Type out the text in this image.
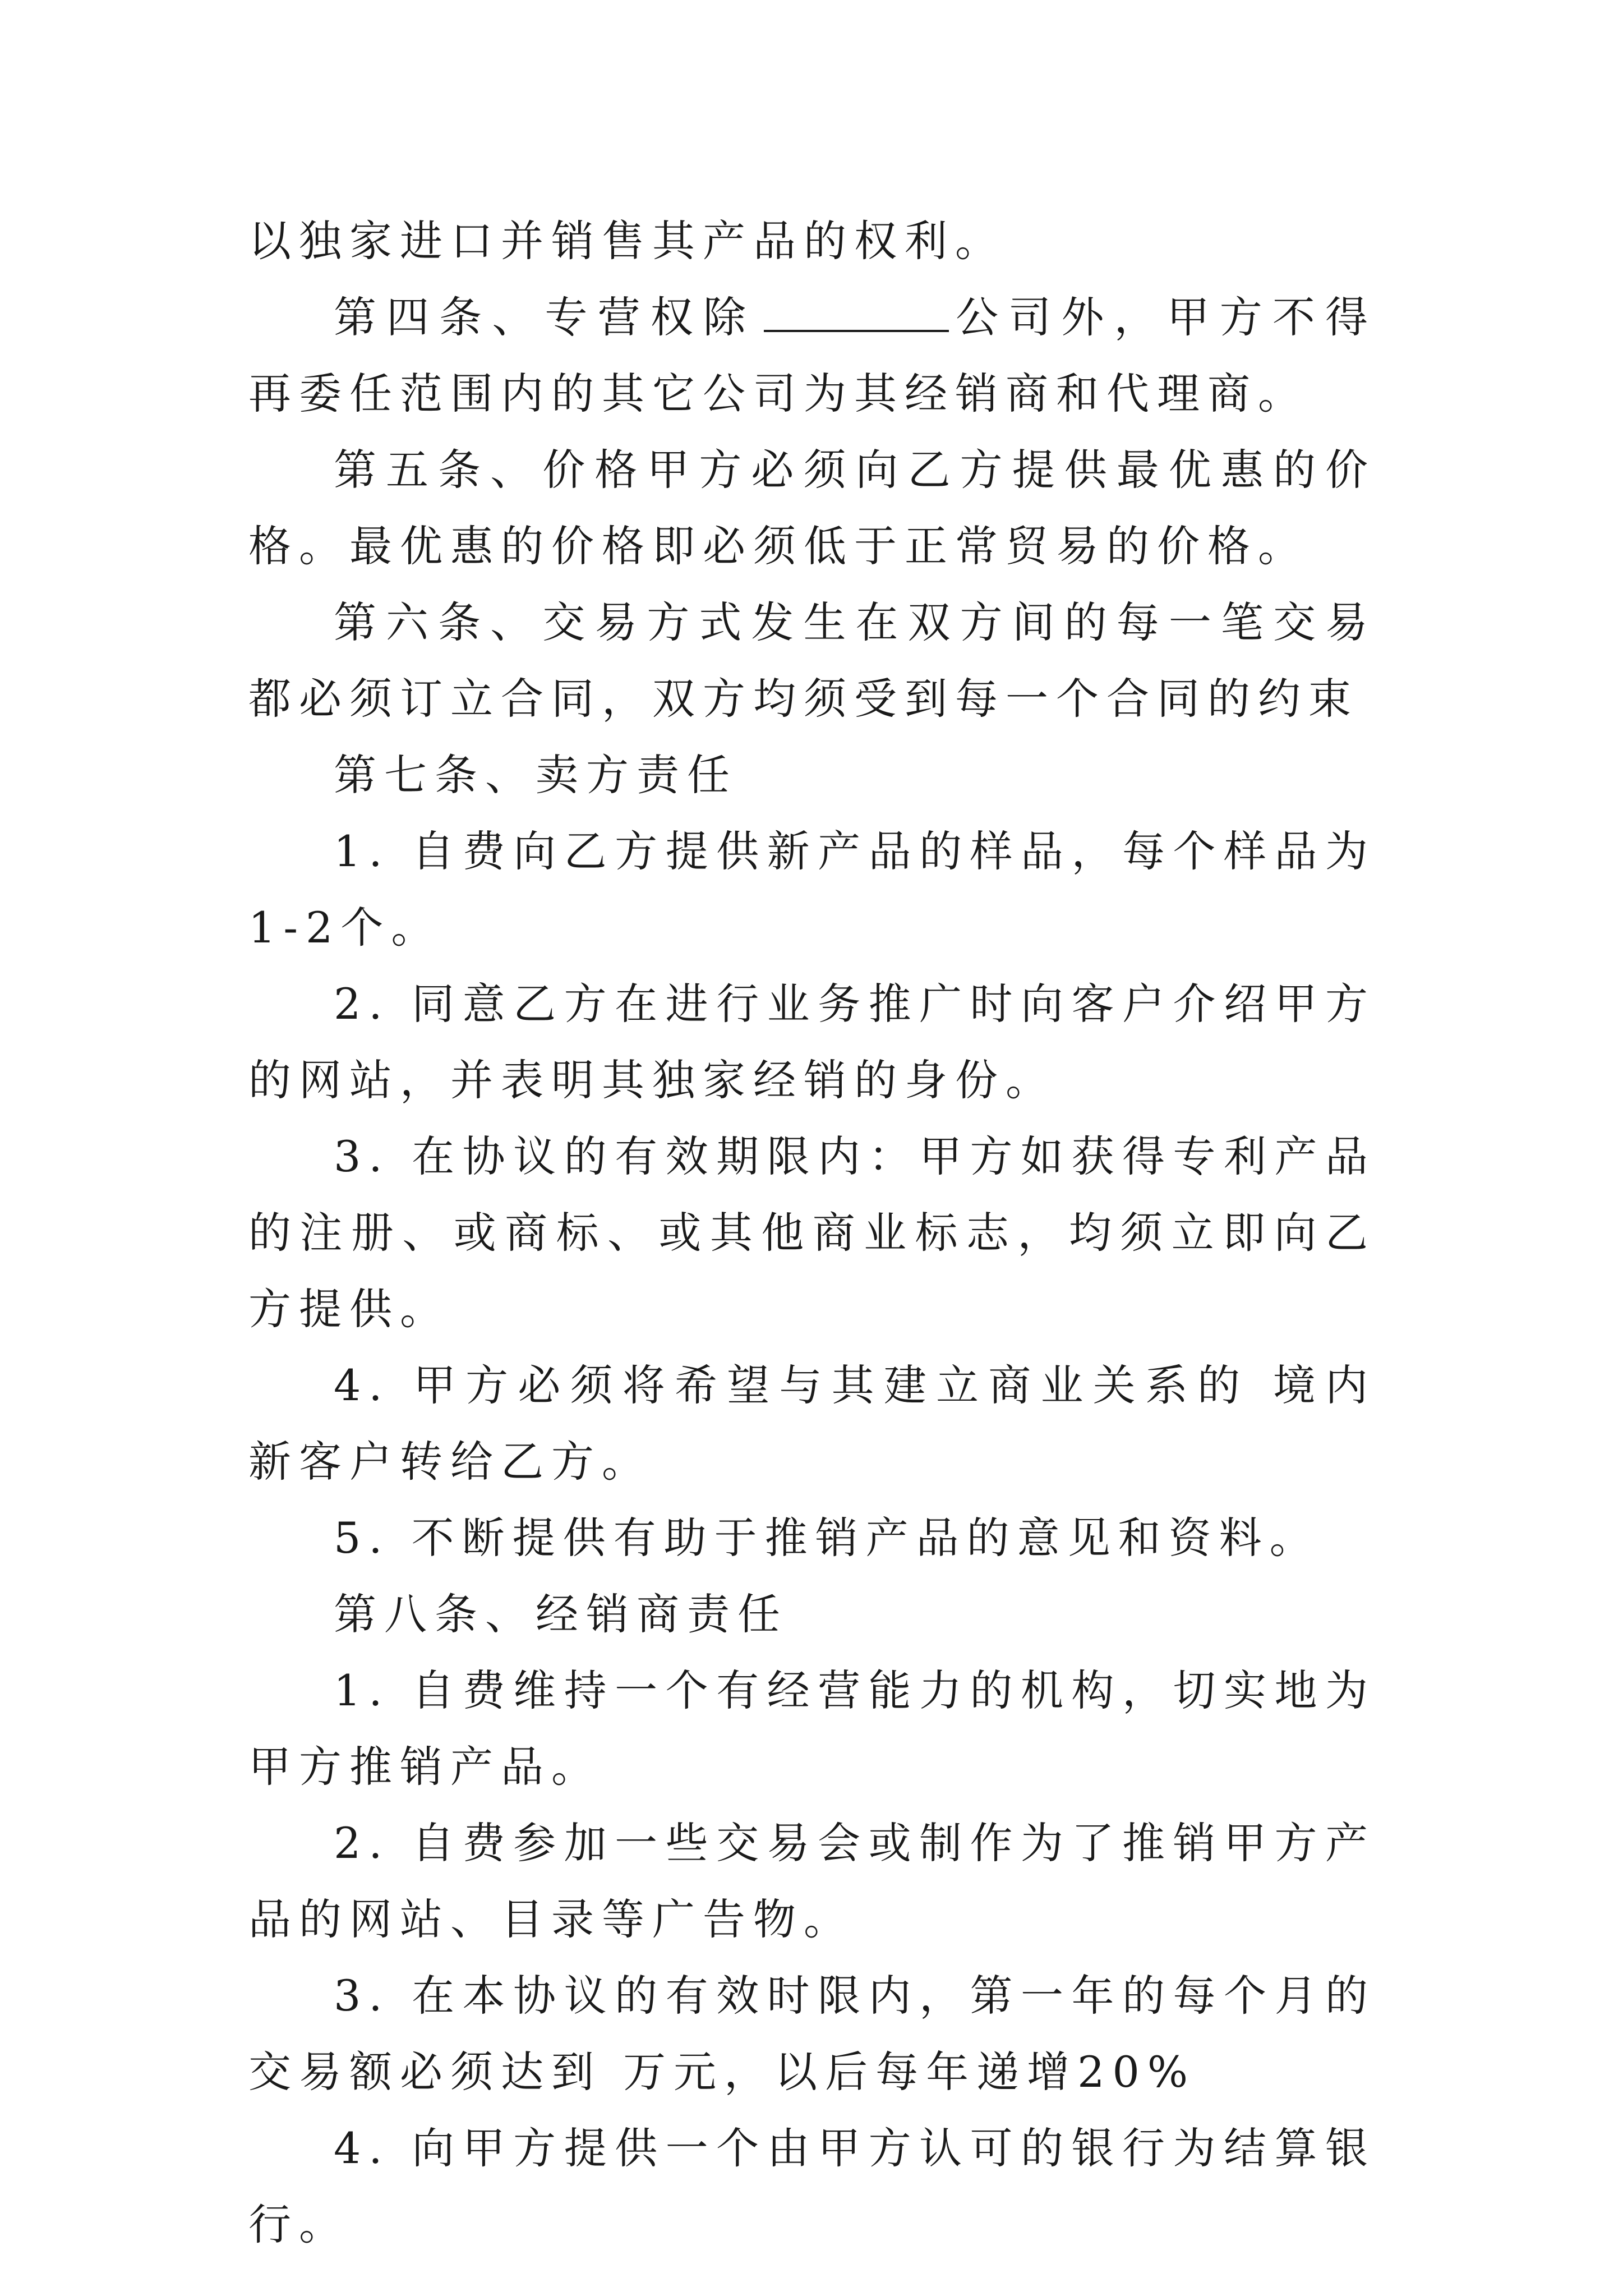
以独家进口并销售其产品的权利。

第四条、专营权除	公司外，甲方不得再委任范围内的其它公司为其经销商和代理商。

第五条、价格甲方必须向乙方提供最优惠的价格。最优惠的价格即必须低于正常贸易的价格。

第六条、交易方式发生在双方间的每一笔交易都必须订立合同，双方均须受到每一个合同的约束

第七条、卖方责任

1. 自费向乙方提供新产品的样品，每个样品为1-2个。

2. 同意乙方在进行业务推广时向客户介绍甲方的网站，并表明其独家经销的身份。

3. 在协议的有效期限内：甲方如获得专利产品的注册、或商标、或其他商业标志，均须立即向乙方提供。

4. 甲方必须将希望与其建立商业关系的 境内新客户转给乙方。

5. 不断提供有助于推销产品的意见和资料。

第八条、经销商责任

1. 自费维持一个有经营能力的机构，切实地为甲方推销产品。

2. 自费参加一些交易会或制作为了推销甲方产品的网站、目录等广告物。

3. 在本协议的有效时限内，第一年的每个月的交易额必须达到 万元，以后每年递增20%

4. 向甲方提供一个由甲方认可的银行为结算银行。
